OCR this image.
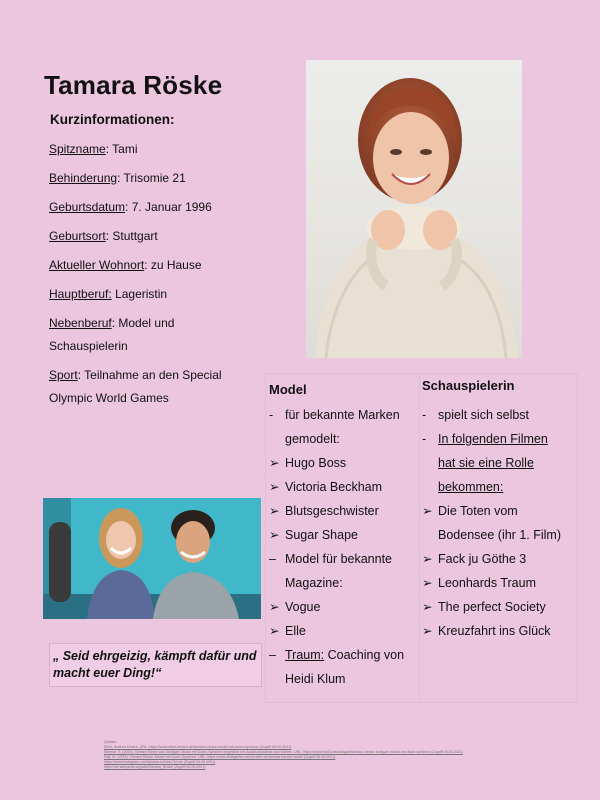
Tamara Röske
Kurzinformationen:
Spitzname: Tami
Behinderung: Trisomie 21
Geburtsdatum: 7. Januar 1996
Geburtsort: Stuttgart
Aktueller Wohnort: zu Hause
Hauptberuf: Lageristin
Nebenberuf: Model und
Schauspielerin
Sport: Teilnahme an den Special
Olympic World Games
„ Seid ehrgeizig, kämpft dafür und macht euer Ding!“
Model
- für bekannte Marken
gemodelt:
➢ Hugo Boss
➢ Victoria Beckham
➢ Blutsgeschwister
➢ Sugar Shape
– Model für bekannte
Magazine:
➢ Vogue
➢ Elle
– Traum: Coaching von
Heidi Klum
Schauspielerin
- spielt sich selbst
- In folgenden Filmen
hat sie eine Rolle
bekommen:
➢ Die Toten vom
Bodensee (ihr 1. Film)
➢ Fack ju Göthe 3
➢ Leonhards Traum
➢ The perfect Society
➢ Kreuzfahrt ins Glück
Quellen:
Ellert, Andrea Kristen. URL: https://www.ellert-kristen.de/tamara-roeske-model-mit-down-syndrom (Zugriff 06.05.2021)
Steinke, S. (2020): Tamara Röske aus Stuttgart: Model mit Down-Syndrom begeistert mit Ausdrucksstärke und Wärme. URL: https://www.bw24.de/stuttgart/tamara-roeske-stuttgart-model-mit-down-syndrom (Zugriff 06.05.2021)
Ralf, M. (2021): Tamara Röske: Model mit Down-Syndrom. URL: https://www.stuttgarter-nachrichten.de/tamara-roeske-model (Zugriff 06.05.2021)
https://www.instagram.com/tamara.roeske/?hl=de (Zugriff 06.05.2021)
https://de.wikipedia.org/wiki/Tamara_Röske (Zugriff 06.05.2021)
